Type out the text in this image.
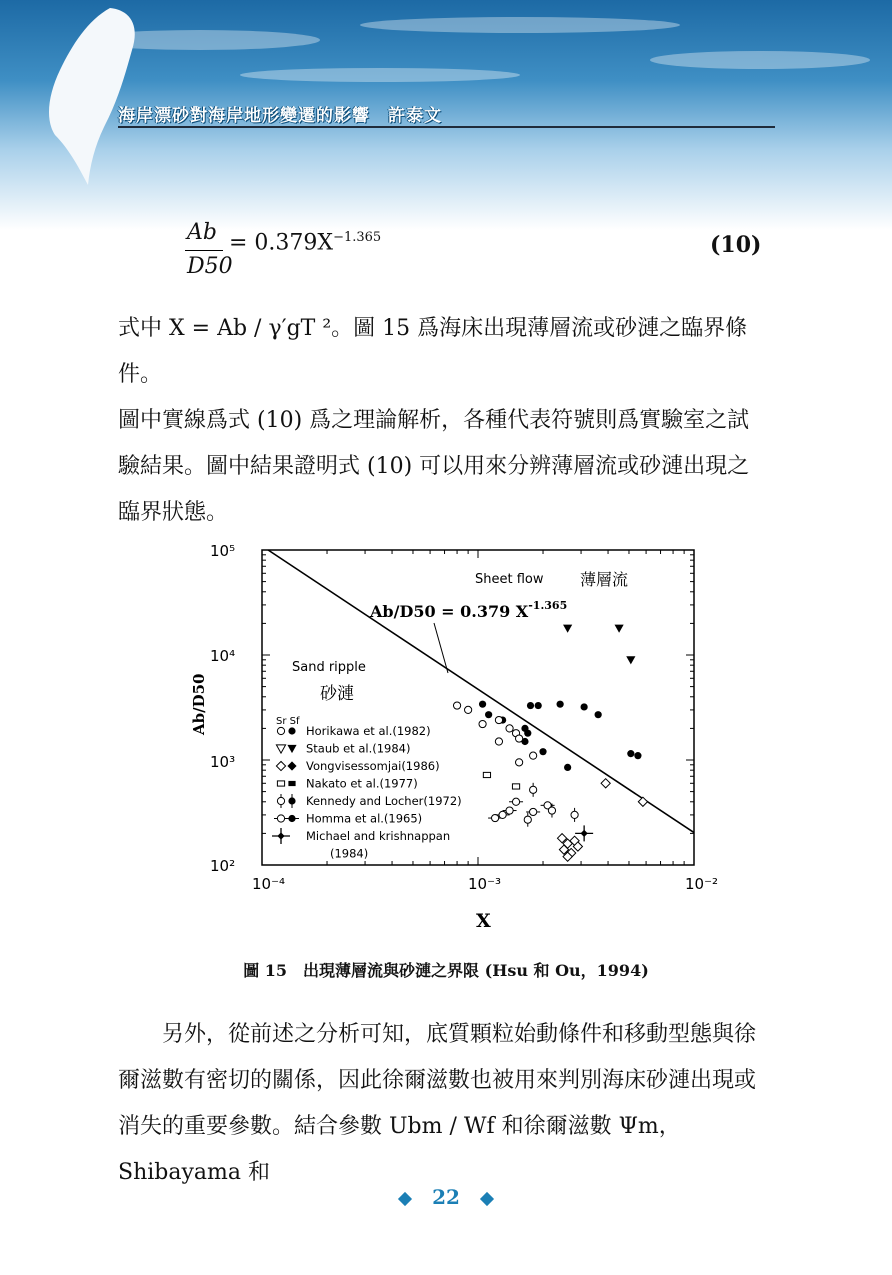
海岸漂砂對海岸地形變遷的影響　許泰文
Ab
D50
= $0.379X^{-1.365}$	(10)

式中 X = Ab / γ′gT ²。圖 15 爲海床出現薄層流或砂漣之臨界條件。

圖中實線爲式 (10) 爲之理論解析，各種代表符號則爲實驗室之試

驗結果。圖中結果證明式 (10) 可以用來分辨薄層流或砂漣出現之

臨界狀態。

10²
10³
10⁴
10⁵
10⁻⁴	10⁻³	10⁻²
X
Ab/D50
Sheet flow 薄層流
Sand ripple
砂漣
Ab/D50 = 0.379 $X^{-1.365}$
Sr Sf
Horikawa et al.(1982)
Staub et al.(1984)
Vongvisessomjai(1986)
Nakato et al.(1977)
Kennedy and Locher(1972)
Homma et al.(1965)
Michael and krishnappan
(1984)
圖 15　出現薄層流與砂漣之界限 (Hsu 和 Ou，1994)

　　另外，從前述之分析可知，底質顆粒始動條件和移動型態與徐

爾滋數有密切的關係，因此徐爾滋數也被用來判別海床砂漣出現或

消失的重要參數。結合參數 Ubm / Wf 和徐爾滋數 Ψm，Shibayama 和

22
